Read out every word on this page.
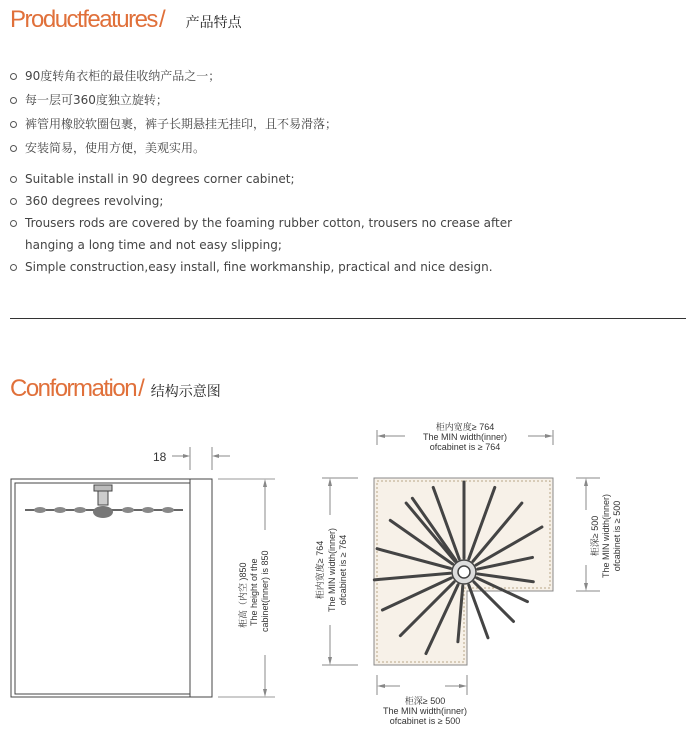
Productfeatures / 产品特点
90度转角衣柜的最佳收纳产品之一；
每一层可360度独立旋转；
裤管用橡胶软圈包裹，裤子长期悬挂无挂印，且不易滑落；
安装简易，使用方便，美观实用。
Suitable install in 90 degrees corner cabinet;
360 degrees revolving;
Trousers rods are covered by the foaming rubber cotton, trousers no crease after
hanging a long time and not easy slipping;
Simple construction,easy install, fine workmanship, practical and nice design.
Conformation / 结构示意图
18
柜高（内空 )850 The height of the cabinet(inner) is 850
柜内宽度≥ 764
The MIN width(inner)
ofcabinet is ≥ 764
柜内宽度≥ 764 The MIN width(inner) ofcabinet is ≥ 764	柜深≥ 500 The MIN width(inner) ofcabinet is ≥ 500
柜深≥ 500
The MIN width(inner)
ofcabinet is ≥ 500
